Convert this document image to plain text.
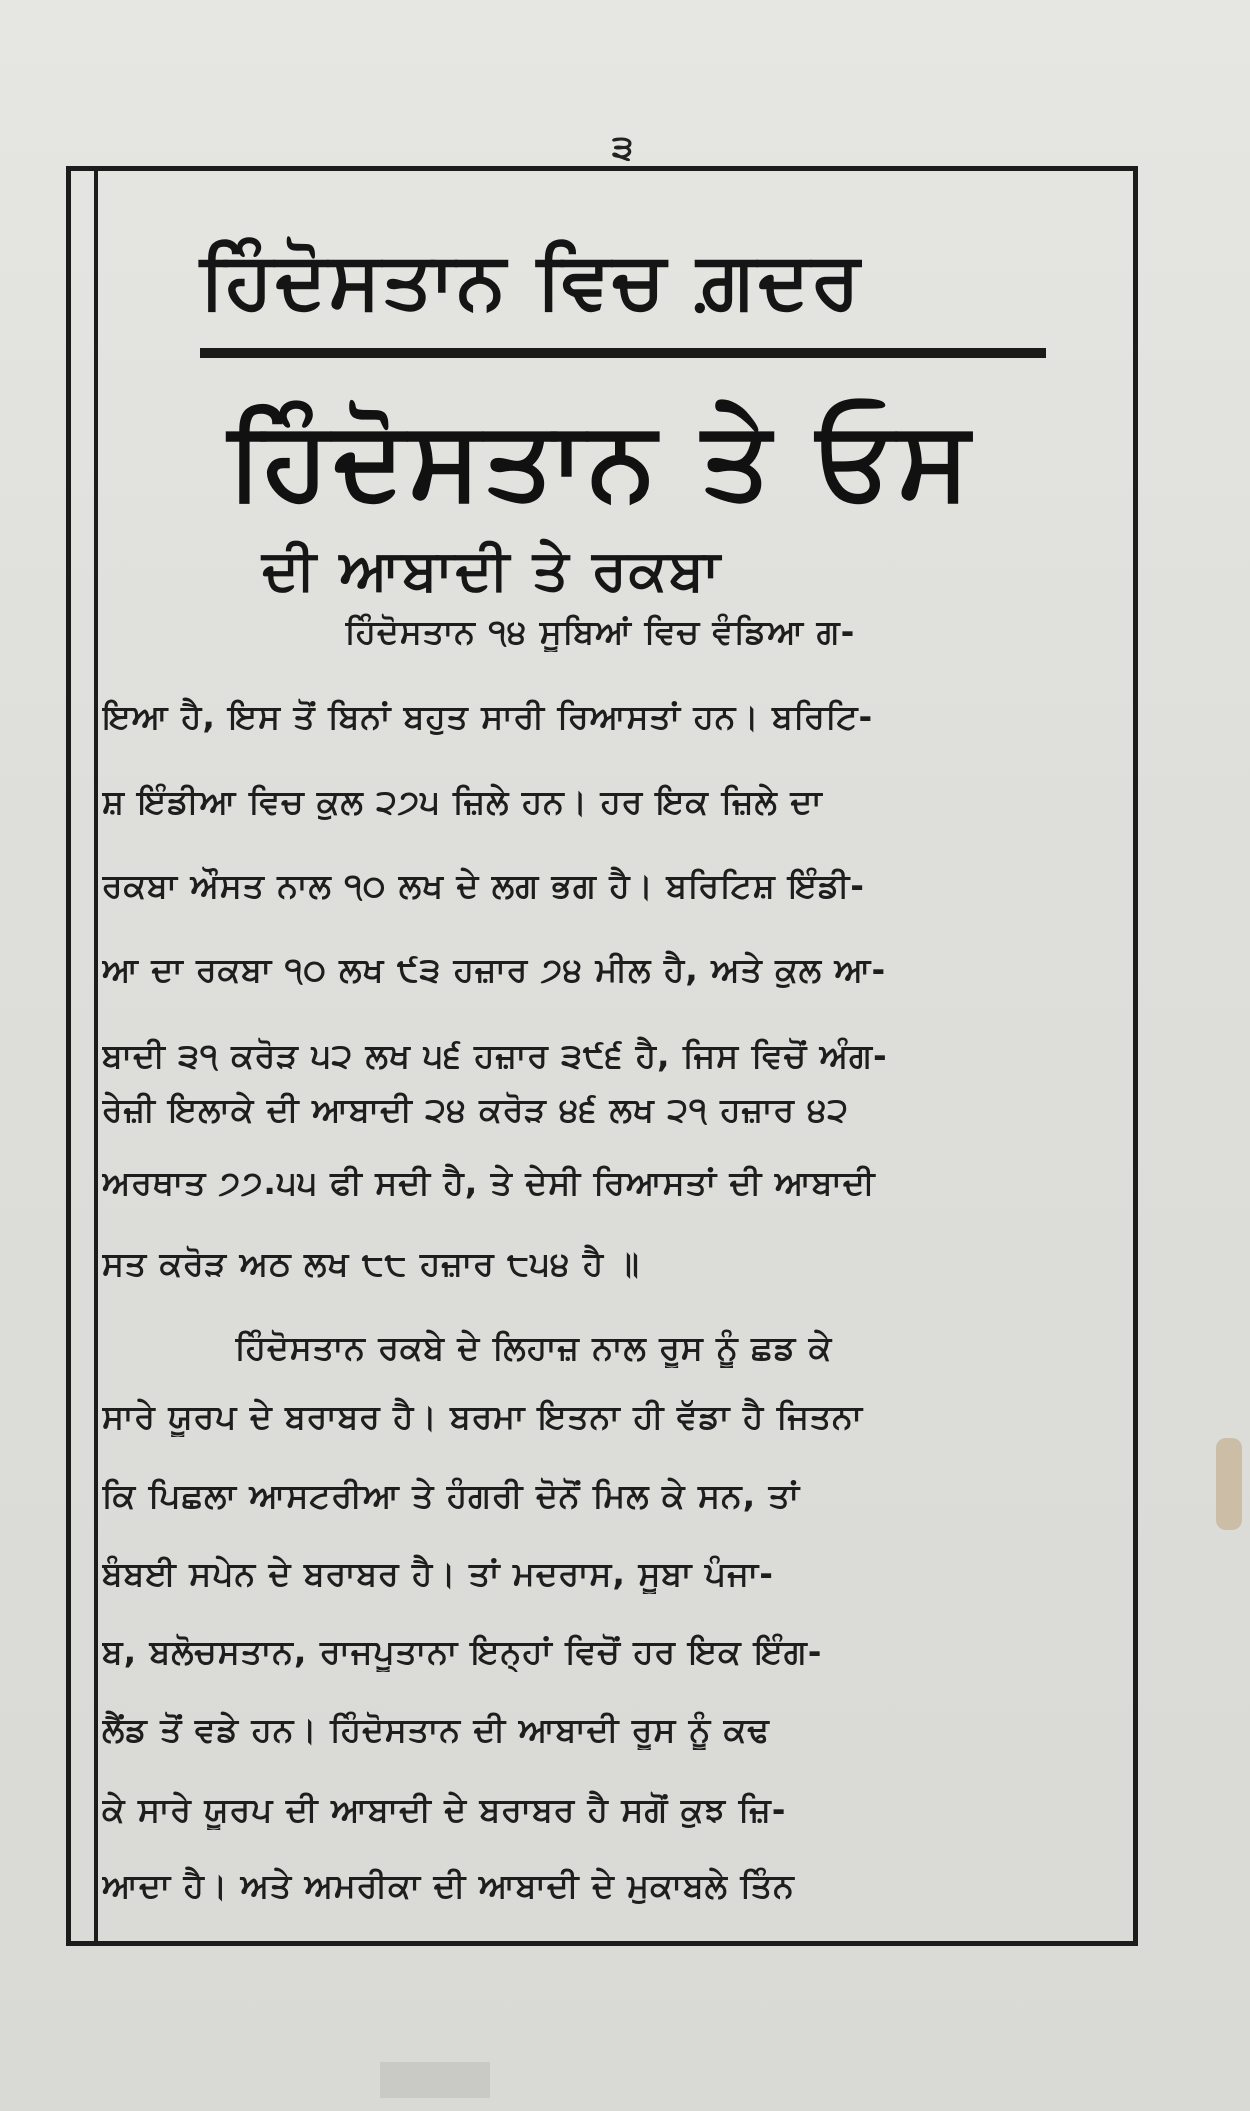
੩
ਹਿੰਦੋਸਤਾਨ ਵਿਚ ਗ਼ਦਰ
ਹਿੰਦੋਸਤਾਨ ਤੇ ਓਸ
ਦੀ ਆਬਾਦੀ ਤੇ ਰਕਬਾ
ਹਿੰਦੋਸਤਾਨ ੧੪ ਸੂਬਿਆਂ ਵਿਚ ਵੰਡਿਆ ਗ-
ਇਆ ਹੈ, ਇਸ ਤੋਂ ਬਿਨਾਂ ਬਹੁਤ ਸਾਰੀ ਰਿਆਸਤਾਂ ਹਨ। ਬਰਿਟਿ-
ਸ਼ ਇੰਡੀਆ ਵਿਚ ਕੁਲ ੨੭੫ ਜ਼ਿਲੇ ਹਨ। ਹਰ ਇਕ ਜ਼ਿਲੇ ਦਾ
ਰਕਬਾ ਔਸਤ ਨਾਲ ੧੦ ਲਖ ਦੇ ਲਗ ਭਗ ਹੈ। ਬਰਿਟਿਸ਼ ਇੰਡੀ-
ਆ ਦਾ ਰਕਬਾ ੧੦ ਲਖ ੯੩ ਹਜ਼ਾਰ ੭੪ ਮੀਲ ਹੈ, ਅਤੇ ਕੁਲ ਆ-
ਬਾਦੀ ੩੧ ਕਰੋੜ ੫੨ ਲਖ ੫੬ ਹਜ਼ਾਰ ੩੯੬ ਹੈ, ਜਿਸ ਵਿਚੋਂ ਅੰਗ-
ਰੇਜ਼ੀ ਇਲਾਕੇ ਦੀ ਆਬਾਦੀ ੨੪ ਕਰੋੜ ੪੬ ਲਖ ੨੧ ਹਜ਼ਾਰ ੪੨
ਅਰਥਾਤ ੭੭.੫੫ ਫੀ ਸਦੀ ਹੈ, ਤੇ ਦੇਸੀ ਰਿਆਸਤਾਂ ਦੀ ਆਬਾਦੀ
ਸਤ ਕਰੋੜ ਅਠ ਲਖ ੮੮ ਹਜ਼ਾਰ ੮੫੪ ਹੈ ॥
ਹਿੰਦੋਸਤਾਨ ਰਕਬੇ ਦੇ ਲਿਹਾਜ਼ ਨਾਲ ਰੂਸ ਨੂੰ ਛਡ ਕੇ
ਸਾਰੇ ਯੂਰਪ ਦੇ ਬਰਾਬਰ ਹੈ। ਬਰਮਾ ਇਤਨਾ ਹੀ ਵੱਡਾ ਹੈ ਜਿਤਨਾ
ਕਿ ਪਿਛਲਾ ਆਸਟਰੀਆ ਤੇ ਹੰਗਰੀ ਦੋਨੋਂ ਮਿਲ ਕੇ ਸਨ, ਤਾਂ
ਬੰਬਈ ਸਪੇਨ ਦੇ ਬਰਾਬਰ ਹੈ। ਤਾਂ ਮਦਰਾਸ, ਸੂਬਾ ਪੰਜਾ-
ਬ, ਬਲੋਚਸਤਾਨ, ਰਾਜਪੂਤਾਨਾ ਇਨ੍ਹਾਂ ਵਿਚੋਂ ਹਰ ਇਕ ਇੰਗ-
ਲੈਂਡ ਤੋਂ ਵਡੇ ਹਨ। ਹਿੰਦੋਸਤਾਨ ਦੀ ਆਬਾਦੀ ਰੂਸ ਨੂੰ ਕਢ
ਕੇ ਸਾਰੇ ਯੂਰਪ ਦੀ ਆਬਾਦੀ ਦੇ ਬਰਾਬਰ ਹੈ ਸਗੋਂ ਕੁਝ ਜ਼ਿ-
ਆਦਾ ਹੈ। ਅਤੇ ਅਮਰੀਕਾ ਦੀ ਆਬਾਦੀ ਦੇ ਮੁਕਾਬਲੇ ਤਿੰਨ
